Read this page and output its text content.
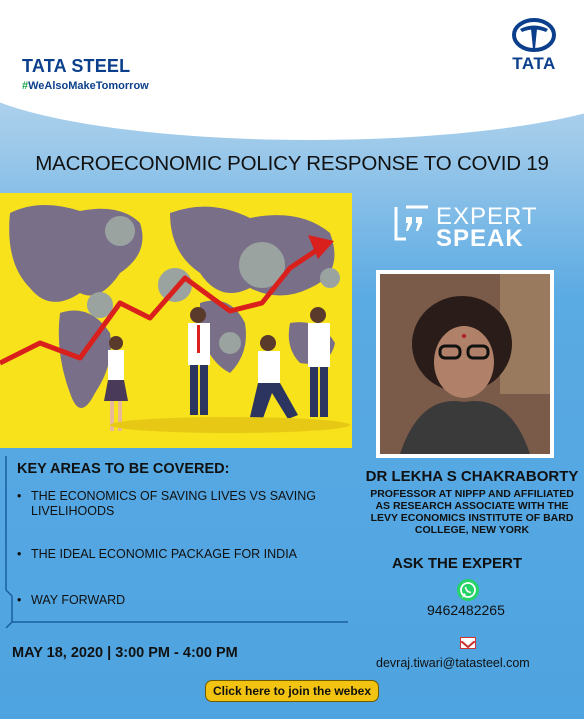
TATA STEEL
#WeAlsoMakeTomorrow
TATA
MACROECONOMIC POLICY RESPONSE TO COVID 19
EXPERT
SPEAK
KEY AREAS TO BE COVERED:
• THE ECONOMICS OF SAVING LIVES VS SAVING LIVELIHOODS
• THE IDEAL ECONOMIC PACKAGE FOR INDIA
• WAY FORWARD
MAY 18, 2020 | 3:00 PM - 4:00 PM
DR LEKHA S CHAKRABORTY
PROFESSOR AT NIPFP AND AFFILIATED AS RESEARCH ASSOCIATE WITH THE LEVY ECONOMICS INSTITUTE OF BARD COLLEGE, NEW YORK
ASK THE EXPERT
9462482265
devraj.tiwari@tatasteel.com
Click here to join the webex
